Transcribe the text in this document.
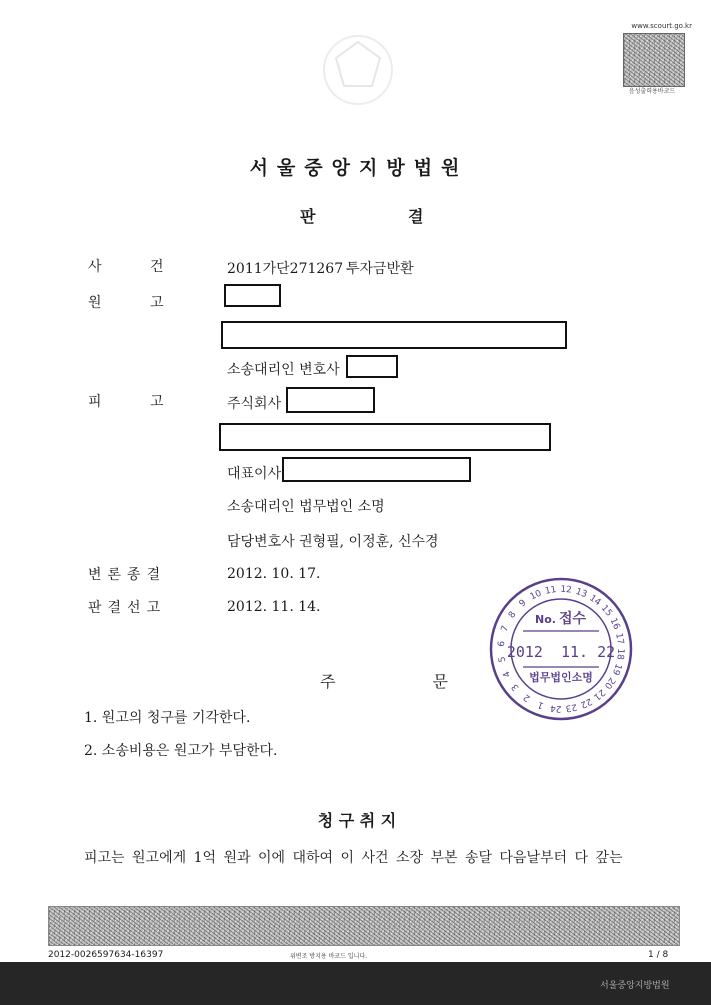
www.scourt.go.kr
음성출력용바코드
서울중앙지방법원
판	결
사	건	2011가단271267 투자금반환
원	고
소송대리인 변호사
피	고	주식회사
대표이사
소송대리인 법무법인 소명
담당변호사 권형필, 이정훈, 신수경
변론종결	2012. 10. 17.
판결선고	2012. 11. 14.
13 14
15
16
17
18
19
20
21
22
23
24
1
2
3
4
5
6
7
8
9
10 11 12
No. 접수
2012  11. 22
법무법인소명
주 문
1. 원고의 청구를 기각한다.
2. 소송비용은 원고가 부담한다.
청 구 취 지
피고는 원고에게 1억 원과 이에 대하여 이 사건 소장 부본 송달 다음날부터 다 갚는
2012-0026597634-16397	위변조 방지용 바코드 입니다.	1 / 8
서울중앙지방법원
